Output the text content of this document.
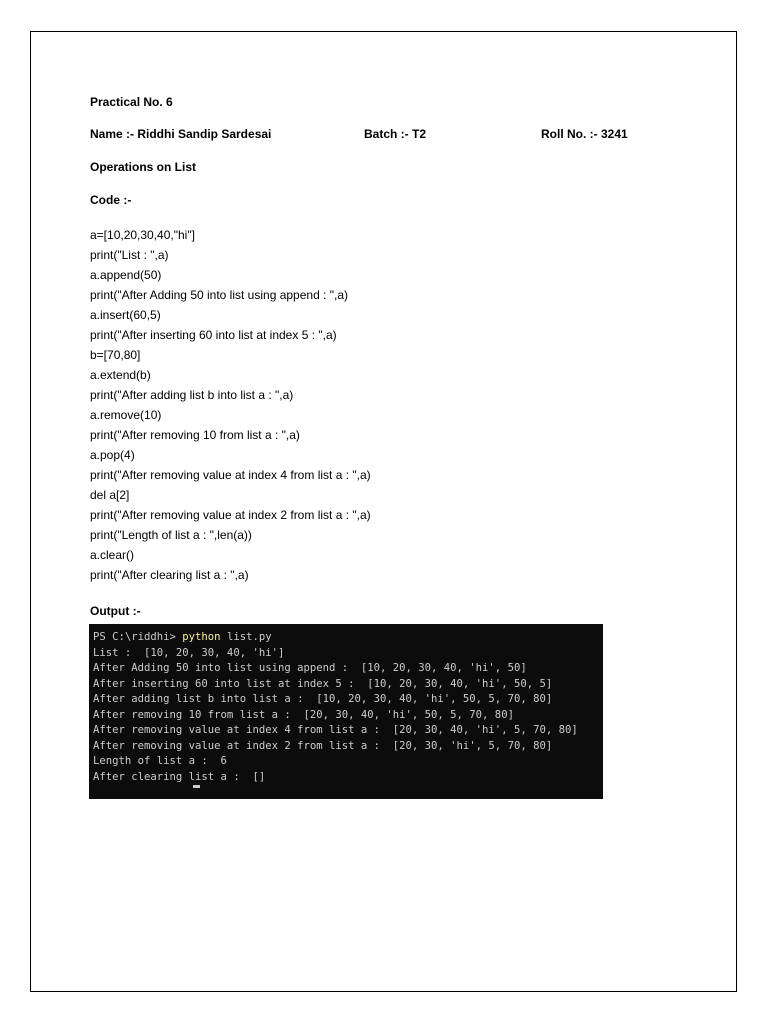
Practical No. 6
Name :- Riddhi Sandip Sardesai	Batch :- T2	Roll No. :- 3241
Operations on List
Code :-
a=[10,20,30,40,"hi"]
print("List : ",a)
a.append(50)
print("After Adding 50 into list using append : ",a)
a.insert(60,5)
print("After inserting 60 into list at index 5 : ",a)
b=[70,80]
a.extend(b)
print("After adding list b into list a : ",a)
a.remove(10)
print("After removing 10 from list a : ",a)
a.pop(4)
print("After removing value at index 4 from list a : ",a)
del a[2]
print("After removing value at index 2 from list a : ",a)
print("Length of list a : ",len(a))
a.clear()
print("After clearing list a : ",a)
Output :-
PS C:\riddhi> python list.py
List :  [10, 20, 30, 40, 'hi']
After Adding 50 into list using append :  [10, 20, 30, 40, 'hi', 50]
After inserting 60 into list at index 5 :  [10, 20, 30, 40, 'hi', 50, 5]
After adding list b into list a :  [10, 20, 30, 40, 'hi', 50, 5, 70, 80]
After removing 10 from list a :  [20, 30, 40, 'hi', 50, 5, 70, 80]
After removing value at index 4 from list a :  [20, 30, 40, 'hi', 5, 70, 80]
After removing value at index 2 from list a :  [20, 30, 'hi', 5, 70, 80]
Length of list a :  6
After clearing list a :  []
